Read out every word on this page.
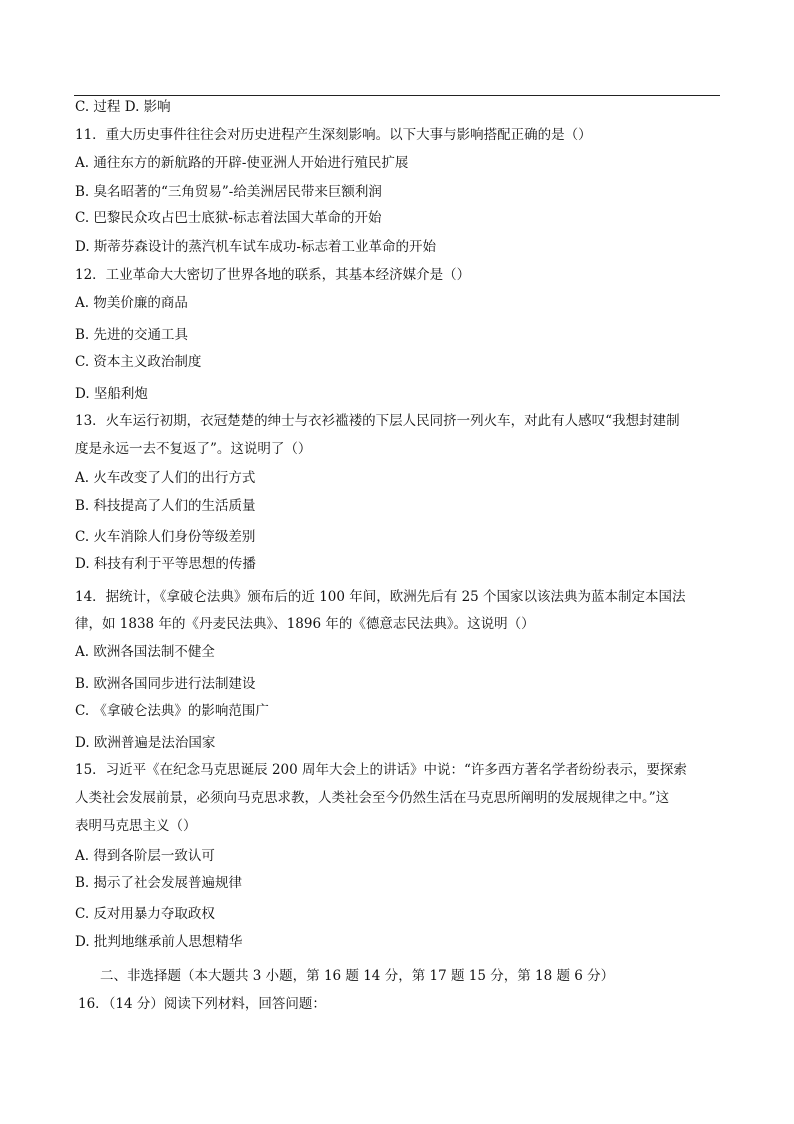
C. 过程 D. 影响
11．重大历史事件往往会对历史进程产生深刻影响。以下大事与影响搭配正确的是（）
A. 通往东方的新航路的开辟-使亚洲人开始进行殖民扩展
B. 臭名昭著的“三角贸易”-给美洲居民带来巨额利润
C. 巴黎民众攻占巴士底狱-标志着法国大革命的开始
D. 斯蒂芬森设计的蒸汽机车试车成功-标志着工业革命的开始
12．工业革命大大密切了世界各地的联系，其基本经济媒介是（）
A. 物美价廉的商品
B. 先进的交通工具
C. 资本主义政治制度
D. 坚船利炮
13．火车运行初期，衣冠楚楚的绅士与衣衫褴褛的下层人民同挤一列火车，对此有人感叹“我想封建制
度是永远一去不复返了”。这说明了（）
A. 火车改变了人们的出行方式
B. 科技提高了人们的生活质量
C. 火车消除人们身份等级差别
D. 科技有利于平等思想的传播
14．据统计，《拿破仑法典》颁布后的近 100 年间，欧洲先后有 25 个国家以该法典为蓝本制定本国法
律，如 1838 年的《丹麦民法典》、1896 年的《德意志民法典》。这说明（）
A. 欧洲各国法制不健全
B. 欧洲各国同步进行法制建设
C. 《拿破仑法典》的影响范围广
D. 欧洲普遍是法治国家
15．习近平《在纪念马克思诞辰 200 周年大会上的讲话》中说：“许多西方著名学者纷纷表示，要探索
人类社会发展前景，必须向马克思求教，人类社会至今仍然生活在马克思所阐明的发展规律之中。”这
表明马克思主义（）
A. 得到各阶层一致认可
B. 揭示了社会发展普遍规律
C. 反对用暴力夺取政权
D. 批判地继承前人思想精华
二、非选择题（本大题共 3 小题，第 16 题 14 分，第 17 题 15 分，第 18 题 6 分）
16．（14 分）阅读下列材料，回答问题：
